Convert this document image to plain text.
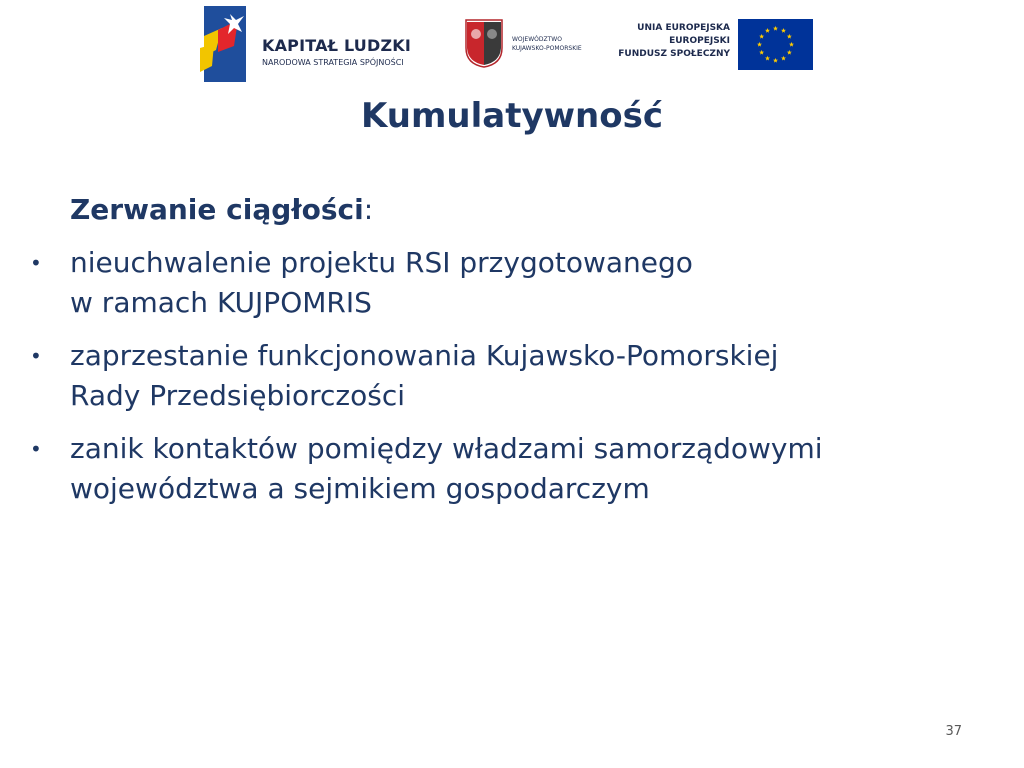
KAPITAŁ LUDZKI
NARODOWA STRATEGIA SPÓJNOŚCI
WOJEWÓDZTWO
KUJAWSKO-POMORSKIE
UNIA EUROPEJSKA
EUROPEJSKI
FUNDUSZ SPOŁECZNY
Kumulatywność

Zerwanie ciągłości:

• nieuchwalenie projektu RSI przygotowanego
w ramach KUJPOMRIS
• zaprzestanie funkcjonowania Kujawsko-Pomorskiej
Rady Przedsiębiorczości
• zanik kontaktów pomiędzy władzami samorządowymi
województwa a sejmikiem gospodarczym
37
